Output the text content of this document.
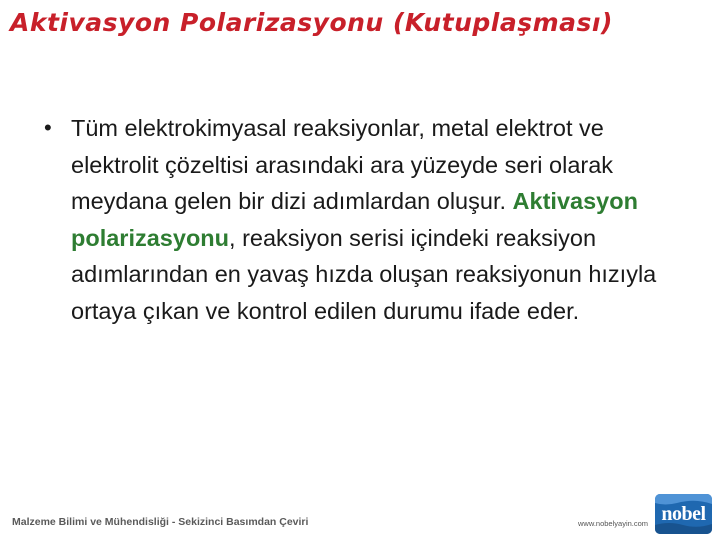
Aktivasyon Polarizasyonu (Kutuplaşması)
• Tüm elektrokimyasal reaksiyonlar, metal elektrot ve elektrolit çözeltisi arasındaki ara yüzeyde seri olarak meydana gelen bir dizi adımlardan oluşur. Aktivasyon polarizasyonu, reaksiyon serisi içindeki reaksiyon adımlarından en yavaş hızda oluşan reaksiyonun hızıyla ortaya çıkan ve kontrol edilen durumu ifade eder.
Malzeme Bilimi ve Mühendisliği - Sekizinci Basımdan Çeviri	www.nobelyayin.com nobel
